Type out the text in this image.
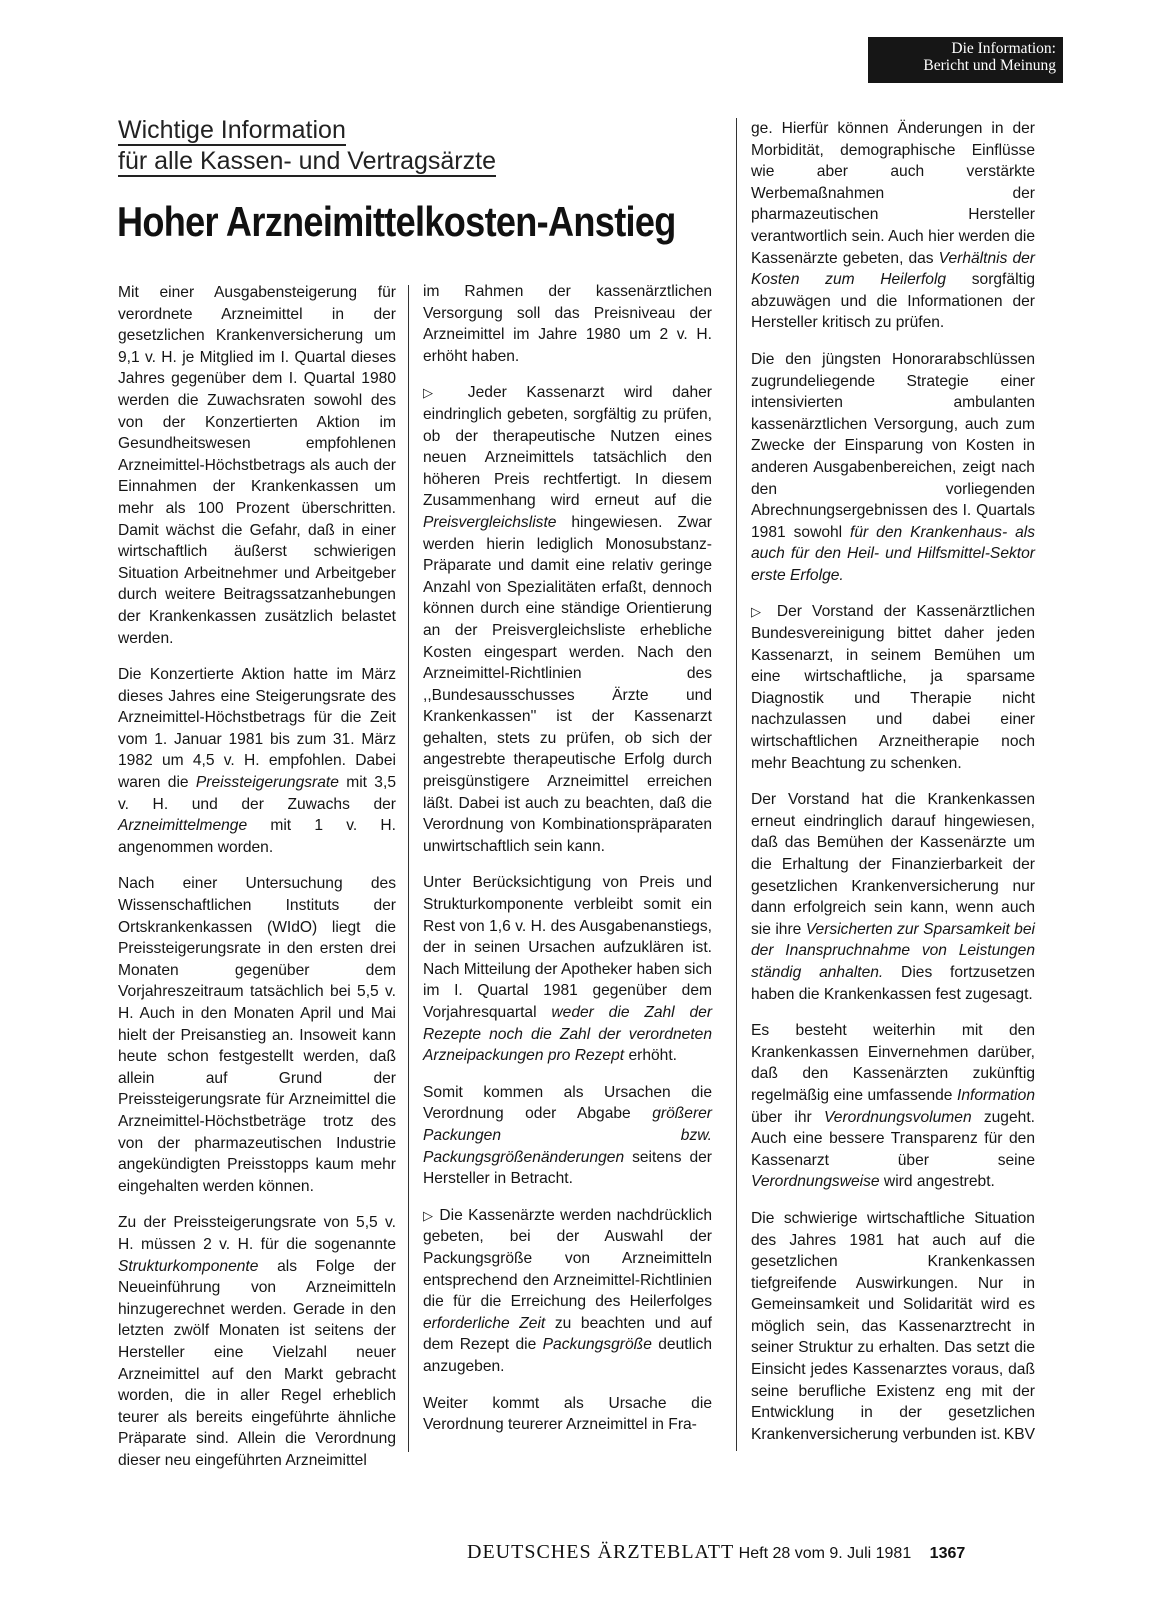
Die Information:
Bericht und Meinung
Wichtige Information
für alle Kassen- und Vertragsärzte
Hoher Arzneimittelkosten-Anstieg

Mit einer Ausgabensteigerung für verordnete Arzneimittel in der gesetzlichen Krankenversicherung um 9,1 v. H. je Mitglied im I. Quartal dieses Jahres gegenüber dem I. Quartal 1980 werden die Zuwachsraten sowohl des von der Konzertierten Aktion im Gesundheitswesen empfohlenen Arzneimittel-Höchstbetrags als auch der Einnahmen der Krankenkassen um mehr als 100 Prozent überschritten. Damit wächst die Gefahr, daß in einer wirtschaftlich äußerst schwierigen Situation Arbeitnehmer und Arbeitgeber durch weitere Beitragssatzanhebungen der Krankenkassen zusätzlich belastet werden.

Die Konzertierte Aktion hatte im März dieses Jahres eine Steigerungsrate des Arzneimittel-Höchstbetrags für die Zeit vom 1. Januar 1981 bis zum 31. März 1982 um 4,5 v. H. empfohlen. Dabei waren die Preissteigerungsrate mit 3,5 v. H. und der Zuwachs der Arzneimittelmenge mit 1 v. H. angenommen worden.

Nach einer Untersuchung des Wissenschaftlichen Instituts der Ortskrankenkassen (WIdO) liegt die Preissteigerungsrate in den ersten drei Monaten gegenüber dem Vorjahreszeitraum tatsächlich bei 5,5 v. H. Auch in den Monaten April und Mai hielt der Preisanstieg an. Insoweit kann heute schon festgestellt werden, daß allein auf Grund der Preissteigerungsrate für Arzneimittel die Arzneimittel-Höchstbeträge trotz des von der pharmazeutischen Industrie angekündigten Preisstopps kaum mehr eingehalten werden können.

Zu der Preissteigerungsrate von 5,5 v. H. müssen 2 v. H. für die sogenannte Strukturkomponente als Folge der Neueinführung von Arzneimitteln hinzugerechnet werden. Gerade in den letzten zwölf Monaten ist seitens der Hersteller eine Vielzahl neuer Arzneimittel auf den Markt gebracht worden, die in aller Regel erheblich teurer als bereits eingeführte ähnliche Präparate sind. Allein die Verordnung dieser neu eingeführten Arzneimittel

im Rahmen der kassenärztlichen Versorgung soll das Preisniveau der Arzneimittel im Jahre 1980 um 2 v. H. erhöht haben.

▷ Jeder Kassenarzt wird daher eindringlich gebeten, sorgfältig zu prüfen, ob der therapeutische Nutzen eines neuen Arzneimittels tatsächlich den höheren Preis rechtfertigt. In diesem Zusammenhang wird erneut auf die Preisvergleichsliste hingewiesen. Zwar werden hierin lediglich Monosubstanz-Präparate und damit eine relativ geringe Anzahl von Spezialitäten erfaßt, dennoch können durch eine ständige Orientierung an der Preisvergleichsliste erhebliche Kosten eingespart werden. Nach den Arzneimittel-Richtlinien des ,,Bundesausschusses Ärzte und Krankenkassen'' ist der Kassenarzt gehalten, stets zu prüfen, ob sich der angestrebte therapeutische Erfolg durch preisgünstigere Arzneimittel erreichen läßt. Dabei ist auch zu beachten, daß die Verordnung von Kombinationspräparaten unwirtschaftlich sein kann.

Unter Berücksichtigung von Preis und Strukturkomponente verbleibt somit ein Rest von 1,6 v. H. des Ausgabenanstiegs, der in seinen Ursachen aufzuklären ist. Nach Mitteilung der Apotheker haben sich im I. Quartal 1981 gegenüber dem Vorjahresquartal weder die Zahl der Rezepte noch die Zahl der verordneten Arzneipackungen pro Rezept erhöht.

Somit kommen als Ursachen die Verordnung oder Abgabe größerer Packungen bzw. Packungsgrößenänderungen seitens der Hersteller in Betracht.

▷ Die Kassenärzte werden nachdrücklich gebeten, bei der Auswahl der Packungsgröße von Arzneimitteln entsprechend den Arzneimittel-Richtlinien die für die Erreichung des Heilerfolges erforderliche Zeit zu beachten und auf dem Rezept die Packungsgröße deutlich anzugeben.

Weiter kommt als Ursache die Verordnung teurerer Arzneimittel in Fra-

ge. Hierfür können Änderungen in der Morbidität, demographische Einflüsse wie aber auch verstärkte Werbemaßnahmen der pharmazeutischen Hersteller verantwortlich sein. Auch hier werden die Kassenärzte gebeten, das Verhältnis der Kosten zum Heilerfolg sorgfältig abzuwägen und die Informationen der Hersteller kritisch zu prüfen.

Die den jüngsten Honorarabschlüssen zugrundeliegende Strategie einer intensivierten ambulanten kassenärztlichen Versorgung, auch zum Zwecke der Einsparung von Kosten in anderen Ausgabenbereichen, zeigt nach den vorliegenden Abrechnungsergebnissen des I. Quartals 1981 sowohl für den Krankenhaus- als auch für den Heil- und Hilfsmittel-Sektor erste Erfolge.

▷ Der Vorstand der Kassenärztlichen Bundesvereinigung bittet daher jeden Kassenarzt, in seinem Bemühen um eine wirtschaftliche, ja sparsame Diagnostik und Therapie nicht nachzulassen und dabei einer wirtschaftlichen Arzneitherapie noch mehr Beachtung zu schenken.

Der Vorstand hat die Krankenkassen erneut eindringlich darauf hingewiesen, daß das Bemühen der Kassenärzte um die Erhaltung der Finanzierbarkeit der gesetzlichen Krankenversicherung nur dann erfolgreich sein kann, wenn auch sie ihre Versicherten zur Sparsamkeit bei der Inanspruchnahme von Leistungen ständig anhalten. Dies fortzusetzen haben die Krankenkassen fest zugesagt.

Es besteht weiterhin mit den Krankenkassen Einvernehmen darüber, daß den Kassenärzten zukünftig regelmäßig eine umfassende Information über ihr Verordnungsvolumen zugeht. Auch eine bessere Transparenz für den Kassenarzt über seine Verordnungsweise wird angestrebt.

Die schwierige wirtschaftliche Situation des Jahres 1981 hat auch auf die gesetzlichen Krankenkassen tiefgreifende Auswirkungen. Nur in Gemeinsamkeit und Solidarität wird es möglich sein, das Kassenarztrecht in seiner Struktur zu erhalten. Das setzt die Einsicht jedes Kassenarztes voraus, daß seine berufliche Existenz eng mit der Entwicklung in der gesetzlichen Krankenversicherung verbunden ist. KBV

DEUTSCHES ÄRZTEBLATT Heft 28 vom 9. Juli 1981 1367
